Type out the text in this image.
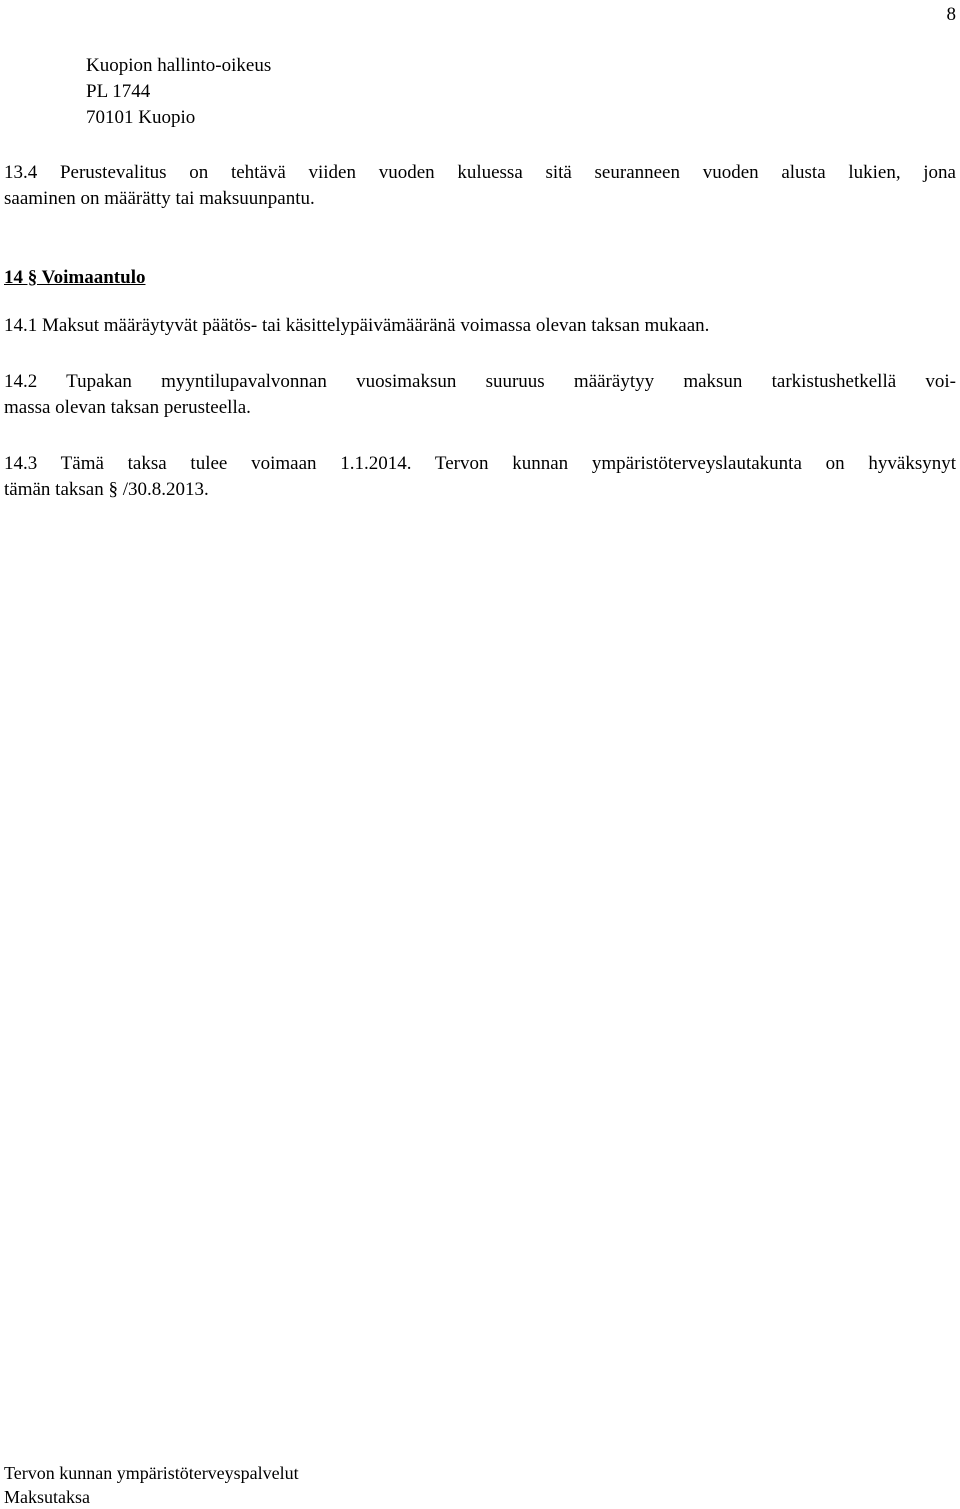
8
Kuopion hallinto-oikeus
PL 1744
70101 Kuopio
13.4 Perustevalitus on tehtävä viiden vuoden kuluessa sitä seuranneen vuoden alusta lukien, jona
saaminen on määrätty tai maksuunpantu.
14 § Voimaantulo
14.1 Maksut määräytyvät päätös- tai käsittelypäivämääränä voimassa olevan taksan mukaan.
14.2 Tupakan myyntilupavalvonnan vuosimaksun suuruus määräytyy maksun tarkistushetkellä voi-
massa olevan taksan perusteella.
14.3 Tämä taksa tulee voimaan 1.1.2014. Tervon kunnan ympäristöterveyslautakunta on hyväksynyt
tämän taksan § /30.8.2013.
Tervon kunnan ympäristöterveyspalvelut
Maksutaksa
